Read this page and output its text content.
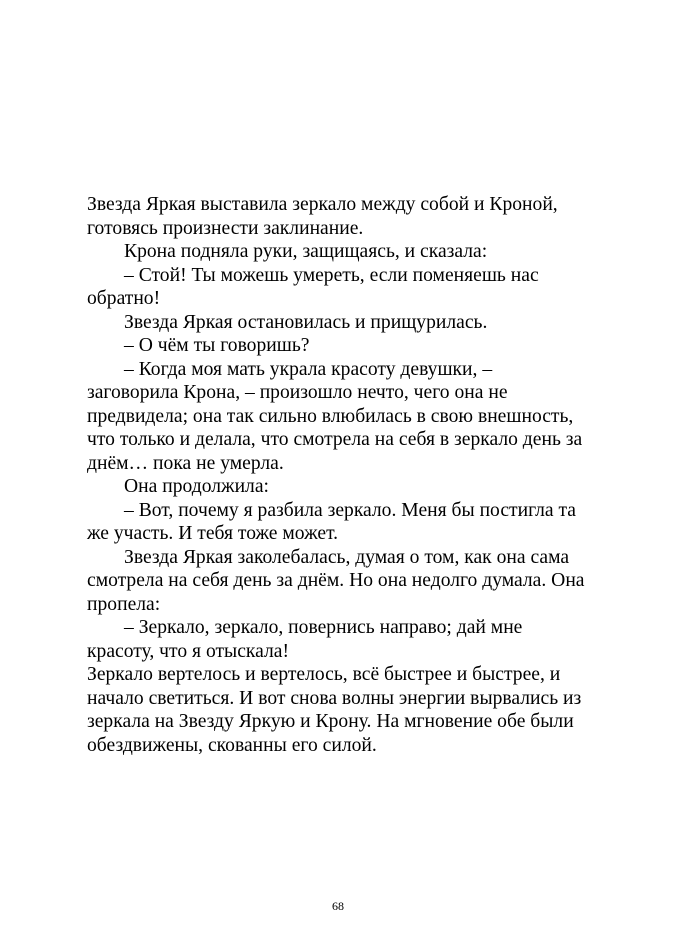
Звезда Яркая выставила зеркало между собой и Кроной,
готовясь произнести заклинание.
Крона подняла руки, защищаясь, и сказала:
– Стой! Ты можешь умереть, если поменяешь нас
обратно!
Звезда Яркая остановилась и прищурилась.
– О чём ты говоришь?
– Когда моя мать украла красоту девушки, –
заговорила Крона, – произошло нечто, чего она не
предвидела; она так сильно влюбилась в свою внешность,
что только и делала, что смотрела на себя в зеркало день за
днём… пока не умерла.
Она продолжила:
– Вот, почему я разбила зеркало. Меня бы постигла та
же участь. И тебя тоже может.
Звезда Яркая заколебалась, думая о том, как она сама
смотрела на себя день за днём. Но она недолго думала. Она
пропела:
– Зеркало, зеркало, повернись направо; дай мне
красоту, что я отыскала!
Зеркало вертелось и вертелось, всё быстрее и быстрее, и
начало светиться. И вот снова волны энергии вырвались из
зеркала на Звезду Яркую и Крону. На мгновение обе были
обездвижены, скованны его силой.
68
